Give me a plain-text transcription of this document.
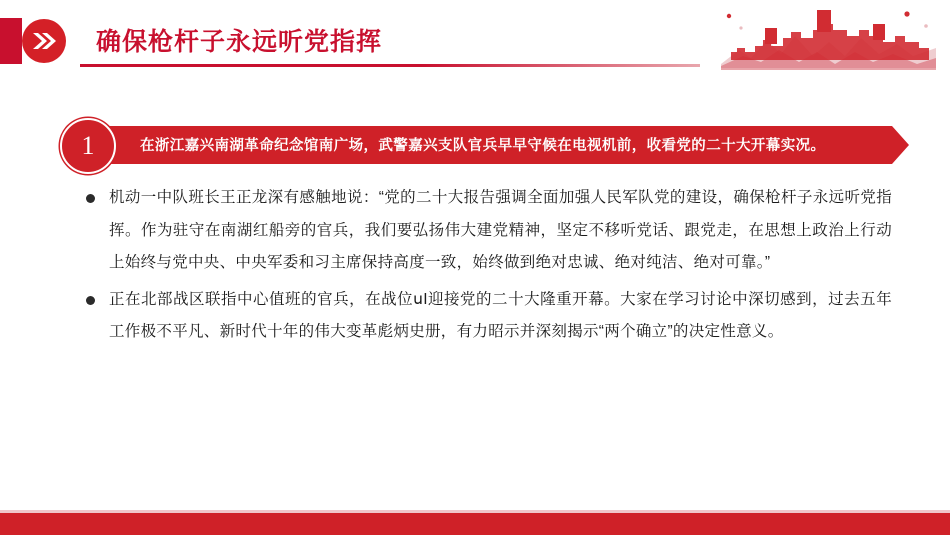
确保枪杆子永远听党指挥
在浙江嘉兴南湖革命纪念馆南广场，武警嘉兴支队官兵早早守候在电视机前，收看党的二十大开幕实况。
1
机动一中队班长王正龙深有感触地说：“党的二十大报告强调全面加强人民军队党的建设，确保枪杆子永远听党指挥。作为驻守在南湖红船旁的官兵，我们要弘扬伟大建党精神，坚定不移听党话、跟党走，在思想上政治上行动上始终与党中央、中央军委和习主席保持高度一致，始终做到绝对忠诚、绝对纯洁、绝对可靠。”
正在北部战区联指中心值班的官兵，在战位սI迎接党的二十大隆重开幕。大家在学习讨论中深切感到，过去五年工作极不平凡、新时代十年的伟大变革彪炳史册，有力昭示并深刻揭示“两个确立”的决定性意义。
